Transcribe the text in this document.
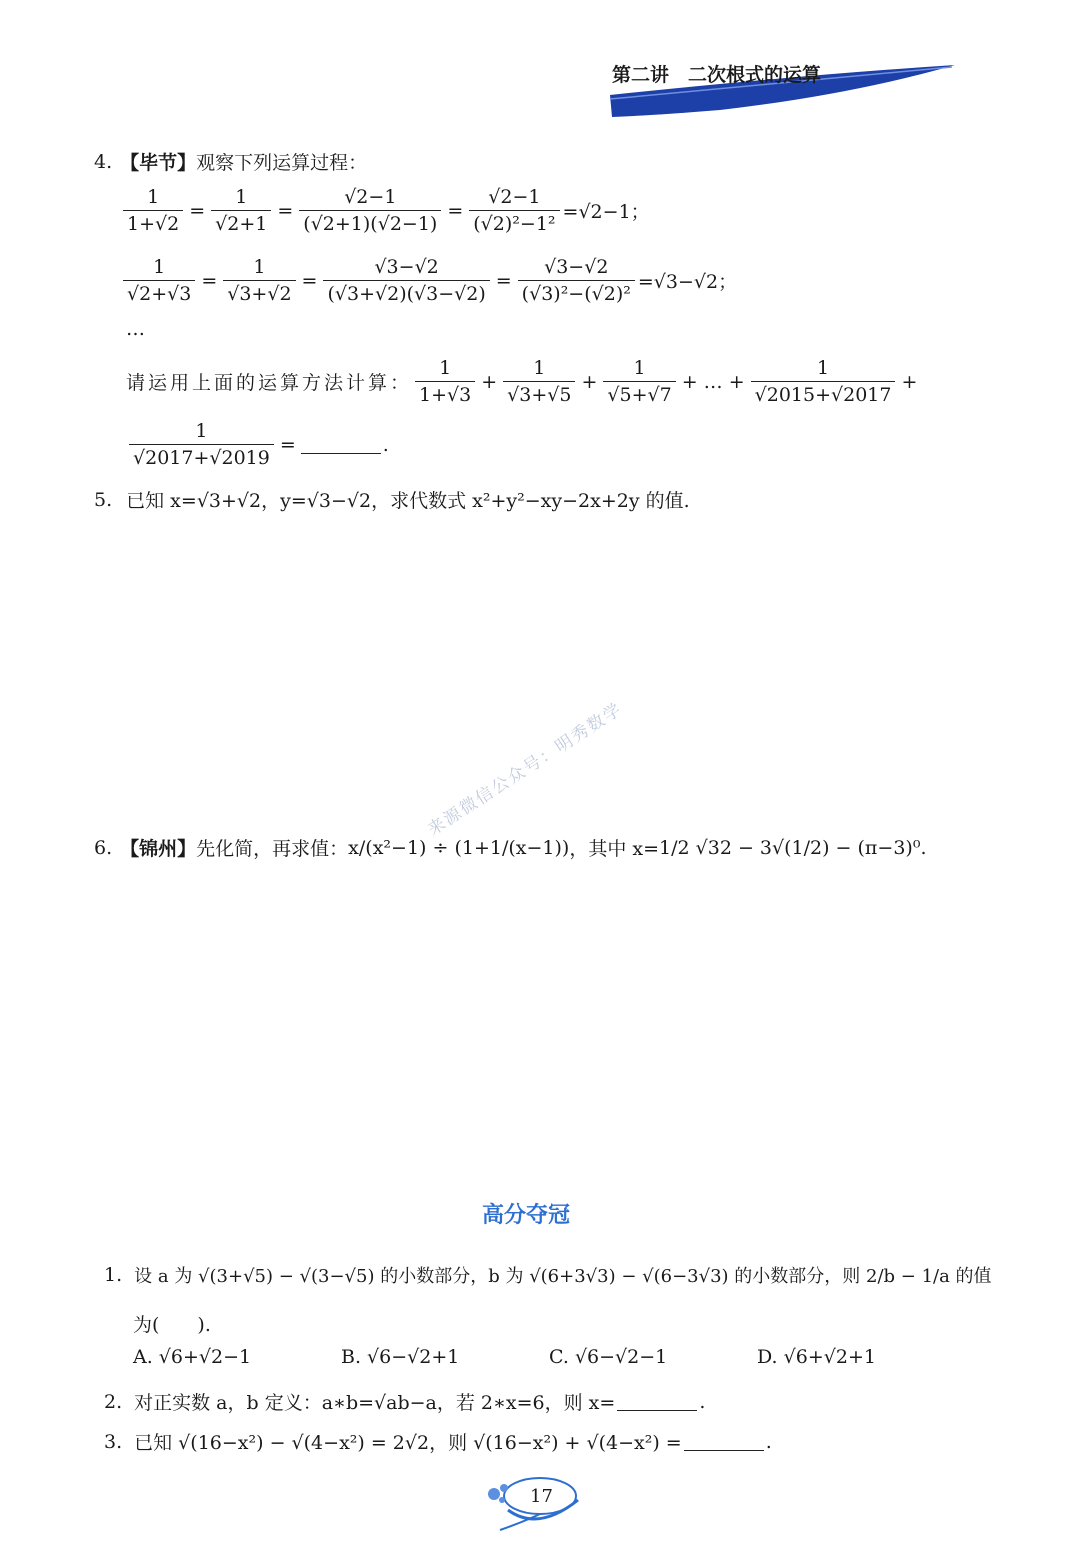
第二讲　二次根式的运算
4. 【毕节】 观察下列运算过程：
$\frac{1}{1+√2} = \frac{1}{√2+1} = \frac{√2-1}{(√2+1)(√2-1)} = \frac{√2-1}{\text{(√2)²−1²}} =√2-1$；
$\frac{1}{√2+√3} = \frac{1}{√3+√2} = \frac{√3-√2}{(√3+√2)(√3-√2)} = \frac{√3-√2}{\text{(√3)²−(√2)²}} =√3-√2$；
…
请运用上面的运算方法计算： $\frac{1}{1+√3} + \frac{1}{√3+√5} + \frac{1}{√5+√7}$ + … + $\frac{1}{√2015+√2017}$ +
$\frac{1}{√2017+√2019}$ =	.
5. 已知 x=√3+√2，y=√3−√2，求代数式 x²+y²−xy−2x+2y 的值.
来源微信公众号：明秀数学
6. 【锦州】 先化简，再求值： x/(x²−1) ÷ (1+1/(x−1)) ，其中 x= 1/2 √32 − 3√(1/2) − (π−3)⁰.
高分夺冠
1. 设 a 为 √(3+√5) − √(3−√5) 的小数部分，b 为 √(6+3√3) − √(6−3√3) 的小数部分，则 2/b − 1/a 的值
为(　　).
A. √6+√2−1	B. √6−√2+1	C. √6−√2−1	D. √6+√2+1
2. 对正实数 a，b 定义：a∗b=√ab−a，若 2∗x=6，则 x=	.
3. 已知 √(16−x²) − √(4−x²) = 2√2，则 √(16−x²) + √(4−x²) =	.
17
